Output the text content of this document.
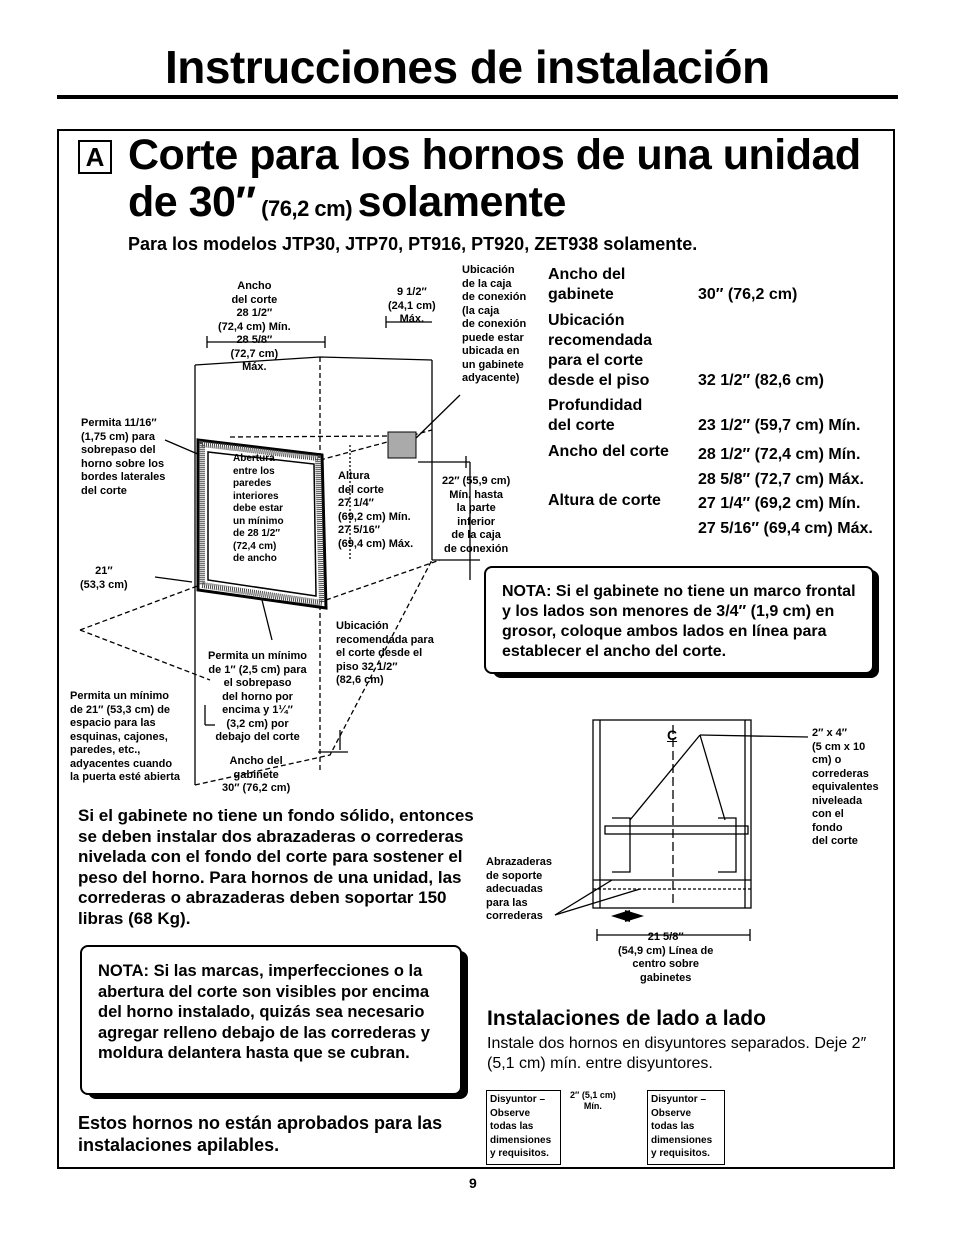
Instrucciones de instalación
A Corte para los hornos de una unidad
de 30″ (76,2 cm) solamente
Para los modelos JTP30, JTP70, PT916, PT920, ZET938 solamente.
Ancho
del corte
28 1/2″
(72,4 cm) Mín.
28 5/8″
(72,7 cm)
Máx.
9 1/2″
(24,1 cm)
Máx.
Ubicación
de la caja
de conexión
(la caja
de conexión
puede estar
ubicada en
un gabinete
adyacente)
Permita 11/16″
(1,75 cm) para
sobrepaso del
horno sobre los
bordes laterales
del corte
Abertura
entre los
paredes
interiores
debe estar
un mínimo
de 28 1/2″
(72,4 cm)
de ancho
Altura
del corte
27 1/4″
(69,2 cm) Mín.
27 5/16″
(69,4 cm) Máx.
22″ (55,9 cm)
Mín. hasta
la parte
inferior
de la caja
de conexión
21″
(53,3 cm)
Ubicación
recomendada para
el corte desde el
piso 32 1/2″
(82,6 cm)
Permita un mínimo
de 1″ (2,5 cm) para
el sobrepaso
del horno por
encima y 1¼″
(3,2 cm) por
debajo del corte
Permita un mínimo
de 21″ (53,3 cm) de
espacio para las
esquinas, cajones,
paredes, etc.,
adyacentes cuando
la puerta esté abierta
Ancho del
gabinete
30″ (76,2 cm)
Ancho del
gabinete	30″ (76,2 cm)
Ubicación
recomendada
para el corte
desde el piso	32 1/2″ (82,6 cm)
Profundidad
del corte	23 1/2″ (59,7 cm) Mín.
Ancho del corte 28 1/2″ (72,4 cm) Mín.
28 5/8″ (72,7 cm) Máx.
Altura de corte 27 1/4″ (69,2 cm) Mín.
27 5/16″ (69,4 cm) Máx.
NOTA: Si el gabinete no tiene un marco frontal y los lados son menores de 3/4″ (1,9 cm) en grosor, coloque ambos lados en línea para establecer el ancho del corte.
Si el gabinete no tiene un fondo sólido, entonces se deben instalar dos abrazaderas o correderas nivelada con el fondo del corte para sostener el peso del horno. Para hornos de una unidad, las correderas o abrazaderas deben soportar 150 libras (68 Kg).
C	2″ x 4″
(5 cm x 10
cm) o
correderas
equivalentes
niveleada
con el
fondo
del corte
Abrazaderas
de soporte
adecuadas
para las
correderas
21 5/8″
(54,9 cm) Línea de
centro sobre
gabinetes
NOTA: Si las marcas, imperfecciones o la abertura del corte son visibles por encima del horno instalado, quizás sea necesario agregar relleno debajo de las correderas y moldura delantera hasta que se cubran.
Instalaciones de lado a lado
Instale dos hornos en disyuntores separados. Deje 2″ (5,1 cm) mín. entre disyuntores.
Disyuntor –
Observe
todas las
dimensiones
y requisitos.
2″ (5,1 cm)
Mín.
Disyuntor –
Observe
todas las
dimensiones
y requisitos.
Estos hornos no están aprobados para las instalaciones apilables.
9
